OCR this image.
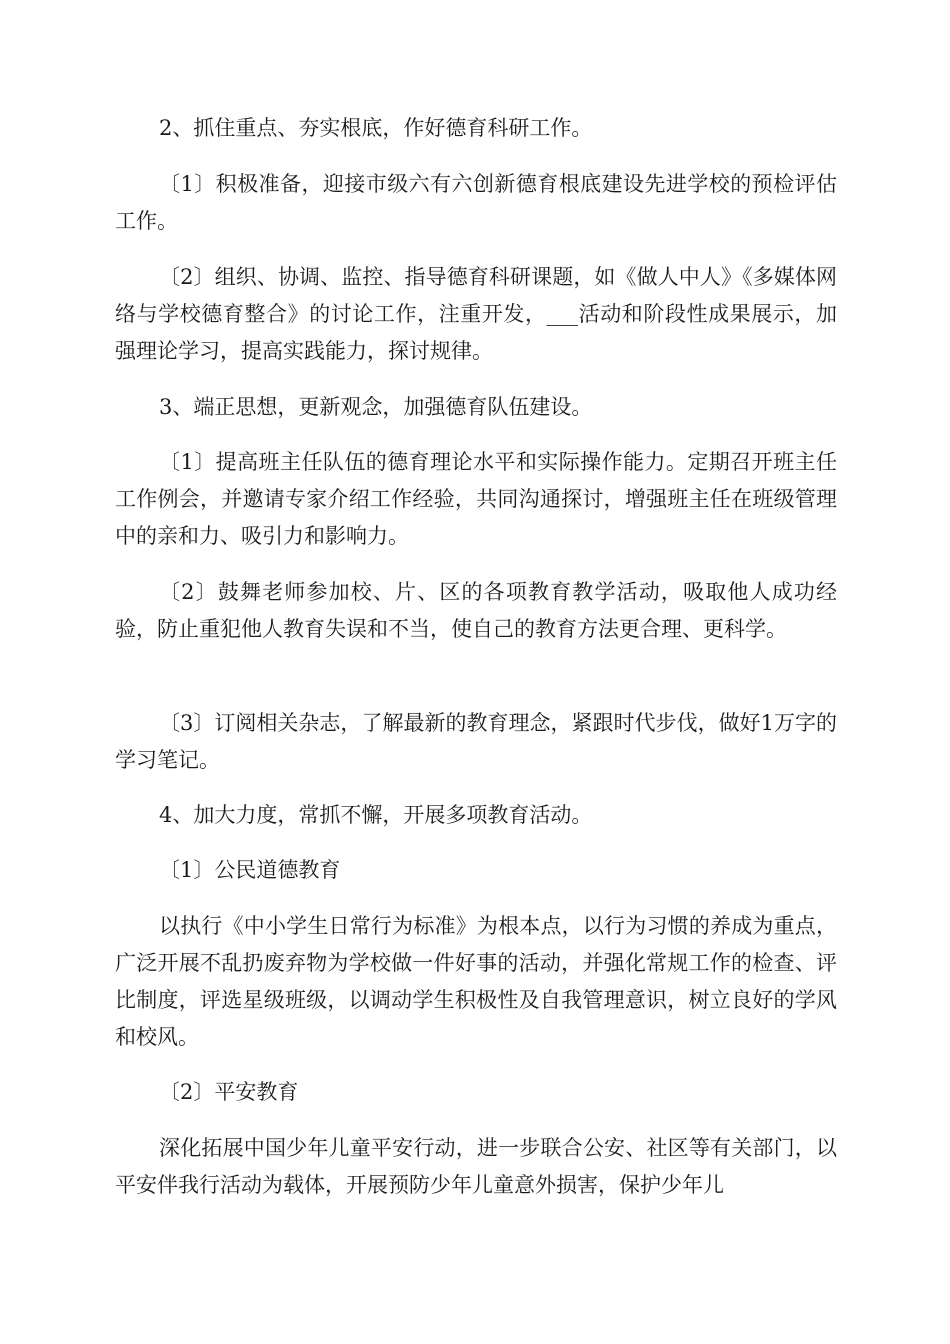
2、抓住重点、夯实根底，作好德育科研工作。

〔1〕积极准备，迎接市级六有六创新德育根底建设先进学校的预检评估工作。

〔2〕组织、协调、监控、指导德育科研课题，如《做人中人》《多媒体网络与学校德育整合》的讨论工作，注重开发，___活动和阶段性成果展示，加强理论学习，提高实践能力，探讨规律。

3、端正思想，更新观念，加强德育队伍建设。

〔1〕提高班主任队伍的德育理论水平和实际操作能力。定期召开班主任工作例会，并邀请专家介绍工作经验，共同沟通探讨，增强班主任在班级管理中的亲和力、吸引力和影响力。

〔2〕鼓舞老师参加校、片、区的各项教育教学活动，吸取他人成功经验，防止重犯他人教育失误和不当，使自己的教育方法更合理、更科学。

〔3〕订阅相关杂志，了解最新的教育理念，紧跟时代步伐，做好1万字的学习笔记。

4、加大力度，常抓不懈，开展多项教育活动。

〔1〕公民道德教育

以执行《中小学生日常行为标准》为根本点，以行为习惯的养成为重点，广泛开展不乱扔废弃物为学校做一件好事的活动，并强化常规工作的检查、评比制度，评选星级班级，以调动学生积极性及自我管理意识，树立良好的学风和校风。

〔2〕平安教育

深化拓展中国少年儿童平安行动，进一步联合公安、社区等有关部门，以平安伴我行活动为载体，开展预防少年儿童意外损害，保护少年儿
